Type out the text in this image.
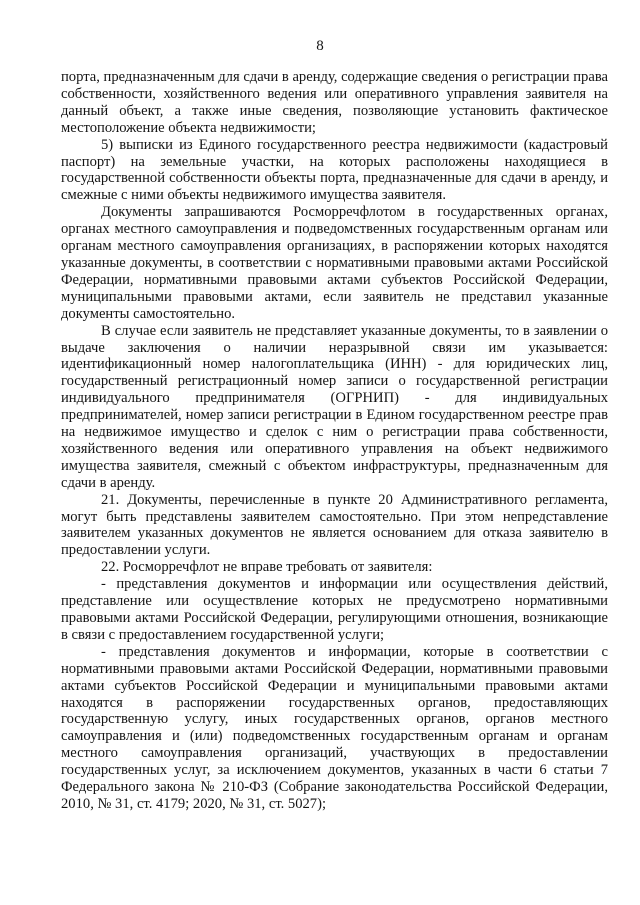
8

порта, предназначенным для сдачи в аренду, содержащие сведения о регистрации права собственности, хозяйственного ведения или оперативного управления заявителя на данный объект, а также иные сведения, позволяющие установить фактическое местоположение объекта недвижимости;

5) выписки из Единого государственного реестра недвижимости (кадастровый паспорт) на земельные участки, на которых расположены находящиеся в государственной собственности объекты порта, предназначенные для сдачи в аренду, и смежные с ними объекты недвижимого имущества заявителя.

Документы запрашиваются Росморречфлотом в государственных органах, органах местного самоуправления и подведомственных государственным органам или органам местного самоуправления организациях, в распоряжении которых находятся указанные документы, в соответствии с нормативными правовыми актами Российской Федерации, нормативными правовыми актами субъектов Российской Федерации, муниципальными правовыми актами, если заявитель не представил указанные документы самостоятельно.

В случае если заявитель не представляет указанные документы, то в заявлении о выдаче заключения о наличии неразрывной связи им указывается: идентификационный номер налогоплательщика (ИНН) - для юридических лиц, государственный регистрационный номер записи о государственной регистрации индивидуального предпринимателя (ОГРНИП) - для индивидуальных предпринимателей, номер записи регистрации в Едином государственном реестре прав на недвижимое имущество и сделок с ним о регистрации права собственности, хозяйственного ведения или оперативного управления на объект недвижимого имущества заявителя, смежный с объектом инфраструктуры, предназначенным для сдачи в аренду.

21. Документы, перечисленные в пункте 20 Административного регламента, могут быть представлены заявителем самостоятельно. При этом непредставление заявителем указанных документов не является основанием для отказа заявителю в предоставлении услуги.

22. Росморречфлот не вправе требовать от заявителя:

- представления документов и информации или осуществления действий, представление или осуществление которых не предусмотрено нормативными правовыми актами Российской Федерации, регулирующими отношения, возникающие в связи с предоставлением государственной услуги;

- представления документов и информации, которые в соответствии с нормативными правовыми актами Российской Федерации, нормативными правовыми актами субъектов Российской Федерации и муниципальными правовыми актами находятся в распоряжении государственных органов, предоставляющих государственную услугу, иных государственных органов, органов местного самоуправления и (или) подведомственных государственным органам и органам местного самоуправления организаций, участвующих в предоставлении государственных услуг, за исключением документов, указанных в части 6 статьи 7 Федерального закона № 210-ФЗ (Собрание законодательства Российской Федерации, 2010, № 31, ст. 4179; 2020, № 31, ст. 5027);
